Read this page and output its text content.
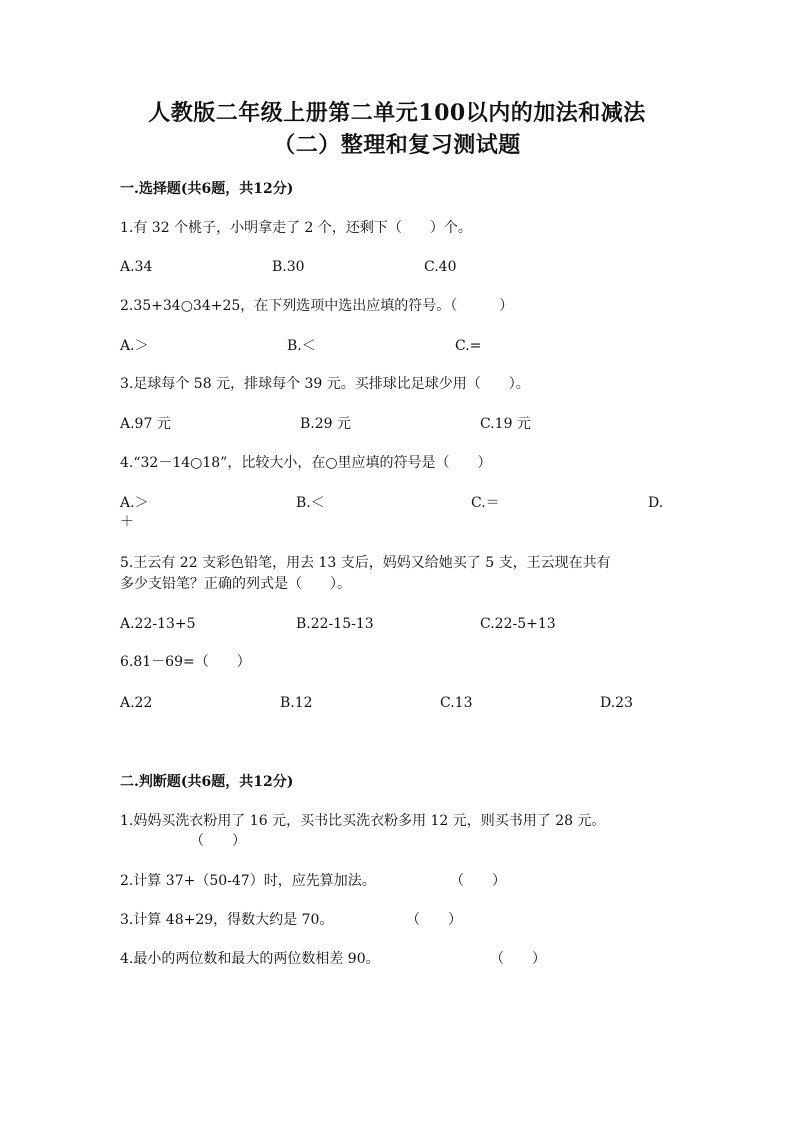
人教版二年级上册第二单元100以内的加法和减法
（二）整理和复习测试题
一.选择题(共6题，共12分)
1.有 32 个桃子，小明拿走了 2 个，还剩下（　　）个。
A.34	B.30	C.40
2.35+34○34+25，在下列选项中选出应填的符号。（　　　）
A.＞	B.＜	C.=
3.足球每个 58 元，排球每个 39 元。买排球比足球少用（　　）。
A.97 元	B.29 元	C.19 元
4.“32－14○18”，比较大小，在○里应填的符号是（　　）
A.＞	B.＜	C.＝	D.
＋
5.王云有 22 支彩色铅笔，用去 13 支后，妈妈又给她买了 5 支，王云现在共有
多少支铅笔？正确的列式是（　　）。
A.22-13+5	B.22-15-13	C.22-5+13
6.81－69=（　　）
A.22	B.12	C.13	D.23
二.判断题(共6题，共12分)
1.妈妈买洗衣粉用了 16 元，买书比买洗衣粉多用 12 元，则买书用了 28 元。
（　　）
2.计算 37+（50-47）时，应先算加法。	（　　）
3.计算 48+29，得数大约是 70。	（　　）
4.最小的两位数和最大的两位数相差 90。	（　　）
